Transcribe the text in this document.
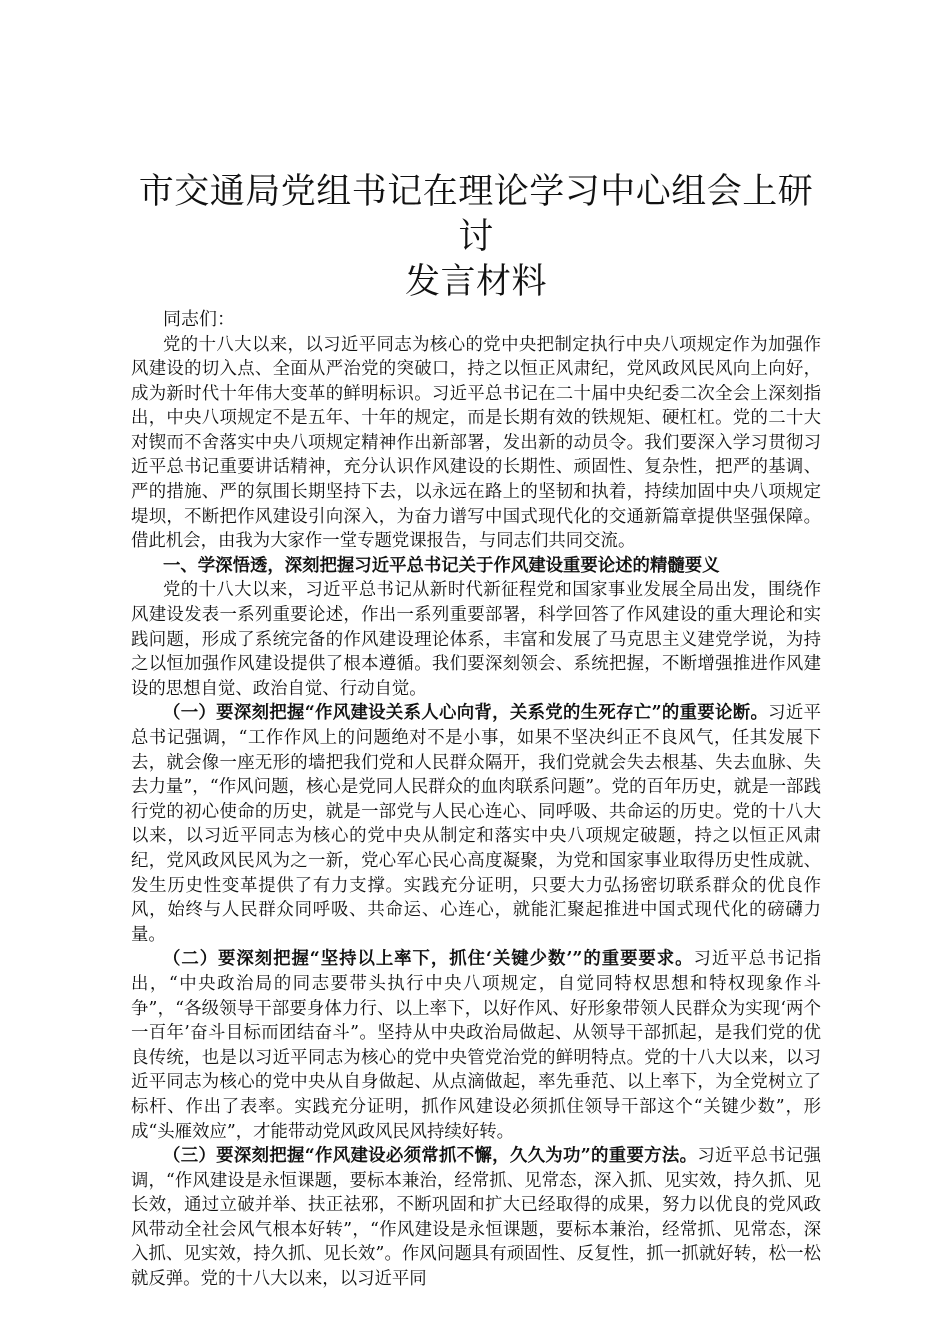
市交通局党组书记在理论学习中心组会上研讨
发言材料

同志们：

党的十八大以来，以习近平同志为核心的党中央把制定执行中央八项规定作为加强作风建设的切入点、全面从严治党的突破口，持之以恒正风肃纪，党风政风民风向上向好，成为新时代十年伟大变革的鲜明标识。习近平总书记在二十届中央纪委二次全会上深刻指出，中央八项规定不是五年、十年的规定，而是长期有效的铁规矩、硬杠杠。党的二十大对锲而不舍落实中央八项规定精神作出新部署，发出新的动员令。我们要深入学习贯彻习近平总书记重要讲话精神，充分认识作风建设的长期性、顽固性、复杂性，把严的基调、严的措施、严的氛围长期坚持下去，以永远在路上的坚韧和执着，持续加固中央八项规定堤坝，不断把作风建设引向深入，为奋力谱写中国式现代化的交通新篇章提供坚强保障。借此机会，由我为大家作一堂专题党课报告，与同志们共同交流。

一、学深悟透，深刻把握习近平总书记关于作风建设重要论述的精髓要义

党的十八大以来，习近平总书记从新时代新征程党和国家事业发展全局出发，围绕作风建设发表一系列重要论述，作出一系列重要部署，科学回答了作风建设的重大理论和实践问题，形成了系统完备的作风建设理论体系，丰富和发展了马克思主义建党学说，为持之以恒加强作风建设提供了根本遵循。我们要深刻领会、系统把握，不断增强推进作风建设的思想自觉、政治自觉、行动自觉。

（一）要深刻把握“作风建设关系人心向背，关系党的生死存亡”的重要论断。习近平总书记强调，“工作作风上的问题绝对不是小事，如果不坚决纠正不良风气，任其发展下去，就会像一座无形的墙把我们党和人民群众隔开，我们党就会失去根基、失去血脉、失去力量”，“作风问题，核心是党同人民群众的血肉联系问题”。党的百年历史，就是一部践行党的初心使命的历史，就是一部党与人民心连心、同呼吸、共命运的历史。党的十八大以来，以习近平同志为核心的党中央从制定和落实中央八项规定破题，持之以恒正风肃纪，党风政风民风为之一新，党心军心民心高度凝聚，为党和国家事业取得历史性成就、发生历史性变革提供了有力支撑。实践充分证明，只要大力弘扬密切联系群众的优良作风，始终与人民群众同呼吸、共命运、心连心，就能汇聚起推进中国式现代化的磅礴力量。

（二）要深刻把握“坚持以上率下，抓住‘关键少数’”的重要要求。习近平总书记指出，“中央政治局的同志要带头执行中央八项规定，自觉同特权思想和特权现象作斗争”，“各级领导干部要身体力行、以上率下，以好作风、好形象带领人民群众为实现‘两个一百年’奋斗目标而团结奋斗”。坚持从中央政治局做起、从领导干部抓起，是我们党的优良传统，也是以习近平同志为核心的党中央管党治党的鲜明特点。党的十八大以来，以习近平同志为核心的党中央从自身做起、从点滴做起，率先垂范、以上率下，为全党树立了标杆、作出了表率。实践充分证明，抓作风建设必须抓住领导干部这个“关键少数”，形成“头雁效应”，才能带动党风政风民风持续好转。

（三）要深刻把握“作风建设必须常抓不懈，久久为功”的重要方法。习近平总书记强调，“作风建设是永恒课题，要标本兼治，经常抓、见常态，深入抓、见实效，持久抓、见长效，通过立破并举、扶正祛邪，不断巩固和扩大已经取得的成果，努力以优良的党风政风带动全社会风气根本好转”，“作风建设是永恒课题，要标本兼治，经常抓、见常态，深入抓、见实效，持久抓、见长效”。作风问题具有顽固性、反复性，抓一抓就好转，松一松就反弹。党的十八大以来，以习近平同
